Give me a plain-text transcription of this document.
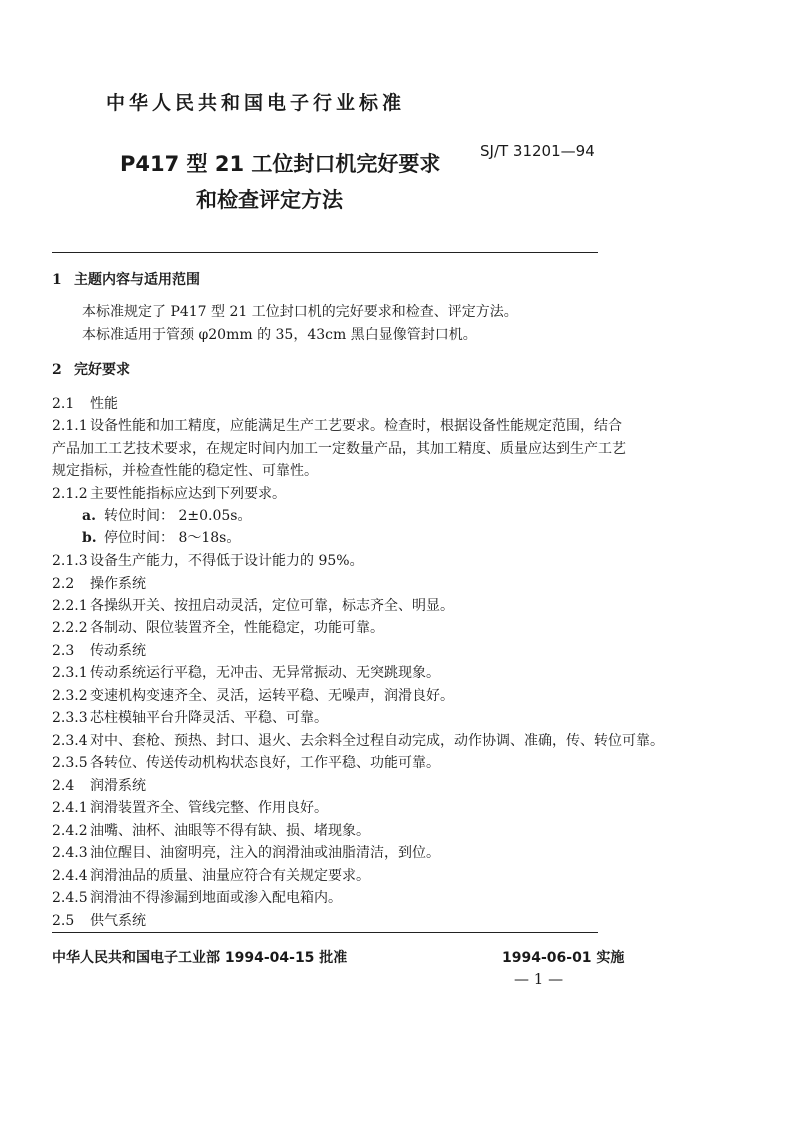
中华人民共和国电子行业标准
SJ/T 31201—94
P417 型 21 工位封口机完好要求
和检查评定方法
1 主题内容与适用范围
本标准规定了 P417 型 21 工位封口机的完好要求和检查、评定方法。
本标准适用于管颈 φ20mm 的 35，43cm 黑白显像管封口机。
2 完好要求
2.1 性能
2.1.1 设备性能和加工精度，应能满足生产工艺要求。检查时，根据设备性能规定范围，结合
产品加工工艺技术要求，在规定时间内加工一定数量产品，其加工精度、质量应达到生产工艺
规定指标，并检查性能的稳定性、可靠性。
2.1.2 主要性能指标应达到下列要求。
a. 转位时间： 2±0.05s。
b. 停位时间： 8～18s。
2.1.3 设备生产能力，不得低于设计能力的 95%。
2.2 操作系统
2.2.1 各操纵开关、按扭启动灵活，定位可靠，标志齐全、明显。
2.2.2 各制动、限位装置齐全，性能稳定，功能可靠。
2.3 传动系统
2.3.1 传动系统运行平稳，无冲击、无异常振动、无突跳现象。
2.3.2 变速机构变速齐全、灵活，运转平稳、无噪声，润滑良好。
2.3.3 芯柱模轴平台升降灵活、平稳、可靠。
2.3.4 对中、套枪、预热、封口、退火、去余料全过程自动完成，动作协调、准确，传、转位可靠。
2.3.5 各转位、传送传动机构状态良好，工作平稳、功能可靠。
2.4 润滑系统
2.4.1 润滑装置齐全、管线完整、作用良好。
2.4.2 油嘴、油杯、油眼等不得有缺、损、堵现象。
2.4.3 油位醒目、油窗明亮，注入的润滑油或油脂清洁，到位。
2.4.4 润滑油品的质量、油量应符合有关规定要求。
2.4.5 润滑油不得渗漏到地面或渗入配电箱内。
2.5 供气系统
中华人民共和国电子工业部 1994-04-15 批准	1994-06-01 实施
— 1 —
